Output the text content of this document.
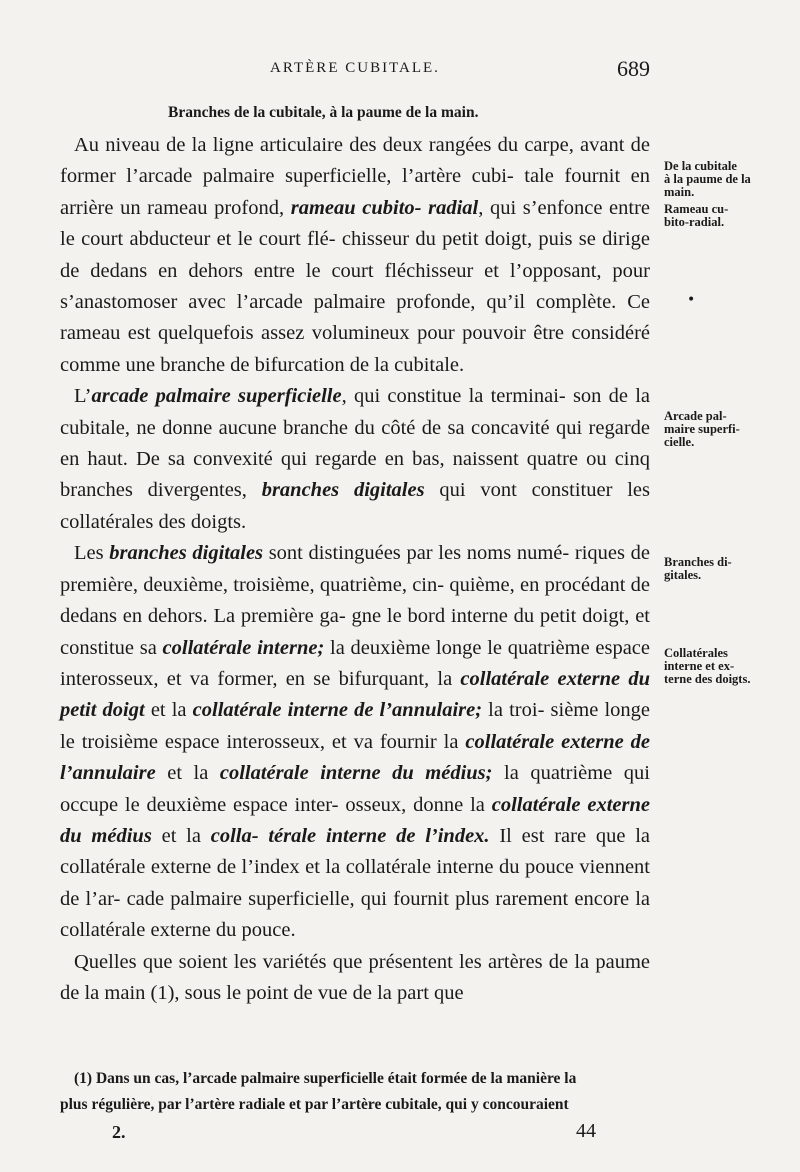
ARTÈRE CUBITALE.	689
Branches de la cubitale, à la paume de la main.

Au niveau de la ligne articulaire des deux rangées du carpe, avant de former l’arcade palmaire superficielle, l’artère cubi- tale fournit en arrière un rameau profond, rameau cubito- radial, qui s’enfonce entre le court abducteur et le court flé- chisseur du petit doigt, puis se dirige de dedans en dehors entre le court fléchisseur et l’opposant, pour s’anastomoser avec l’arcade palmaire profonde, qu’il complète. Ce rameau est quelquefois assez volumineux pour pouvoir être considéré comme une branche de bifurcation de la cubitale.

L’arcade palmaire superficielle, qui constitue la terminai- son de la cubitale, ne donne aucune branche du côté de sa concavité qui regarde en haut. De sa convexité qui regarde en bas, naissent quatre ou cinq branches divergentes, branches digitales qui vont constituer les collatérales des doigts.

Les branches digitales sont distinguées par les noms numé- riques de première, deuxième, troisième, quatrième, cin- quième, en procédant de dedans en dehors. La première ga- gne le bord interne du petit doigt, et constitue sa collatérale interne; la deuxième longe le quatrième espace interosseux, et va former, en se bifurquant, la collatérale externe du petit doigt et la collatérale interne de l’annulaire; la troi- sième longe le troisième espace interosseux, et va fournir la collatérale externe de l’annulaire et la collatérale interne du médius; la quatrième qui occupe le deuxième espace inter- osseux, donne la collatérale externe du médius et la colla- térale interne de l’index. Il est rare que la collatérale externe de l’index et la collatérale interne du pouce viennent de l’ar- cade palmaire superficielle, qui fournit plus rarement encore la collatérale externe du pouce.

Quelles que soient les variétés que présentent les artères de la paume de la main (1), sous le point de vue de la part que

De la cubitale
à la paume de la
main.
Rameau cu-
bito-radial.
•
Arcade pal-
maire superfi-
cielle.
Branches di-
gitales.
Collatérales
interne et ex-
terne des doigts.
(1) Dans un cas, l’arcade palmaire superficielle était formée de la manière la
plus régulière, par l’artère radiale et par l’artère cubitale, qui y concouraient
2.	44
